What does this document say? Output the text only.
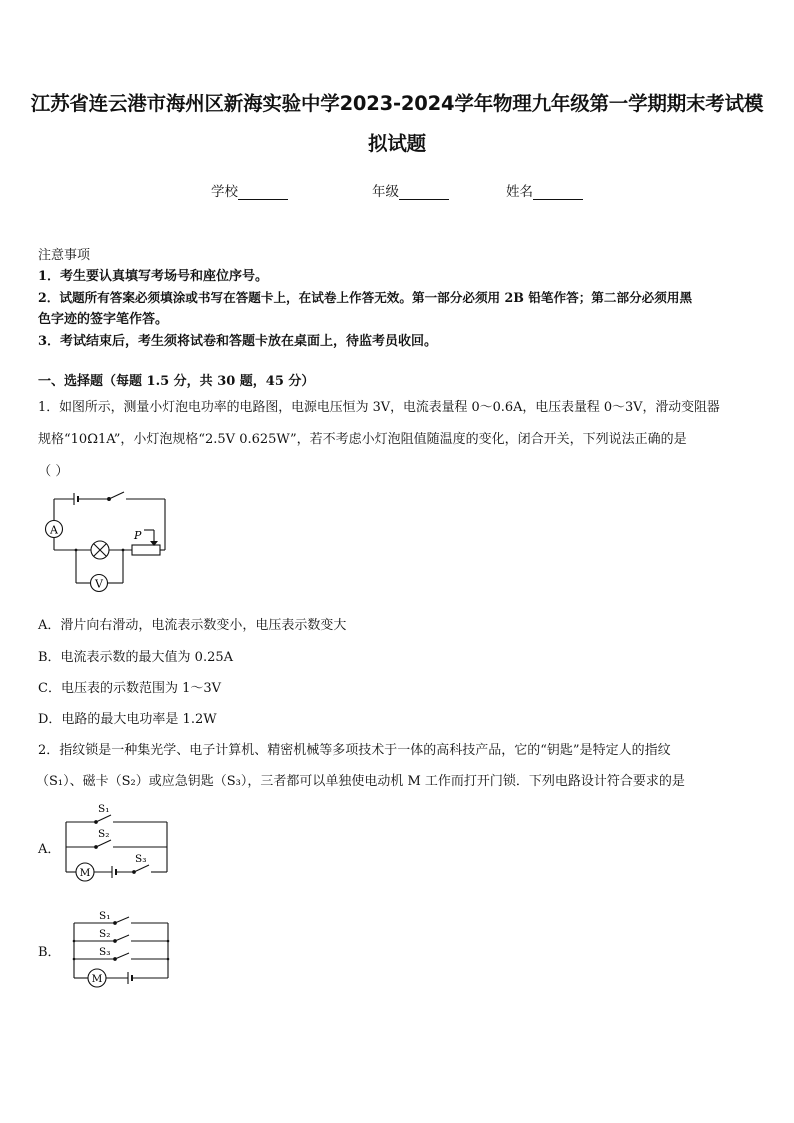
江苏省连云港市海州区新海实验中学2023-2024学年物理九年级第一学期期末考试模
拟试题
学校	年级	姓名
注意事项
1．考生要认真填写考场号和座位序号。
2．试题所有答案必须填涂或书写在答题卡上，在试卷上作答无效。第一部分必须用 2B 铅笔作答；第二部分必须用黑
色字迹的签字笔作答。
3．考试结束后，考生须将试卷和答题卡放在桌面上，待监考员收回。
一、选择题（每题 1.5 分，共 30 题，45 分）
1．如图所示，测量小灯泡电功率的电路图，电源电压恒为 3V，电流表量程 0～0.6A，电压表量程 0～3V，滑动变阻器
规格“10Ω1A”，小灯泡规格“2.5V 0.625W”，若不考虑小灯泡阻值随温度的变化，闭合开关，下列说法正确的是
（ ）
A
V
P
A．滑片向右滑动，电流表示数变小，电压表示数变大
B．电流表示数的最大值为 0.25A
C．电压表的示数范围为 1～3V
D．电路的最大电功率是 1.2W
2．指纹锁是一种集光学、电子计算机、精密机械等多项技术于一体的高科技产品，它的“钥匙”是特定人的指纹
（S₁）、磁卡（S₂）或应急钥匙（S₃），三者都可以单独使电动机 M 工作而打开门锁．下列电路设计符合要求的是
A．
S₁
S₂
S₃
M
B．
S₁
S₂
S₃
M
